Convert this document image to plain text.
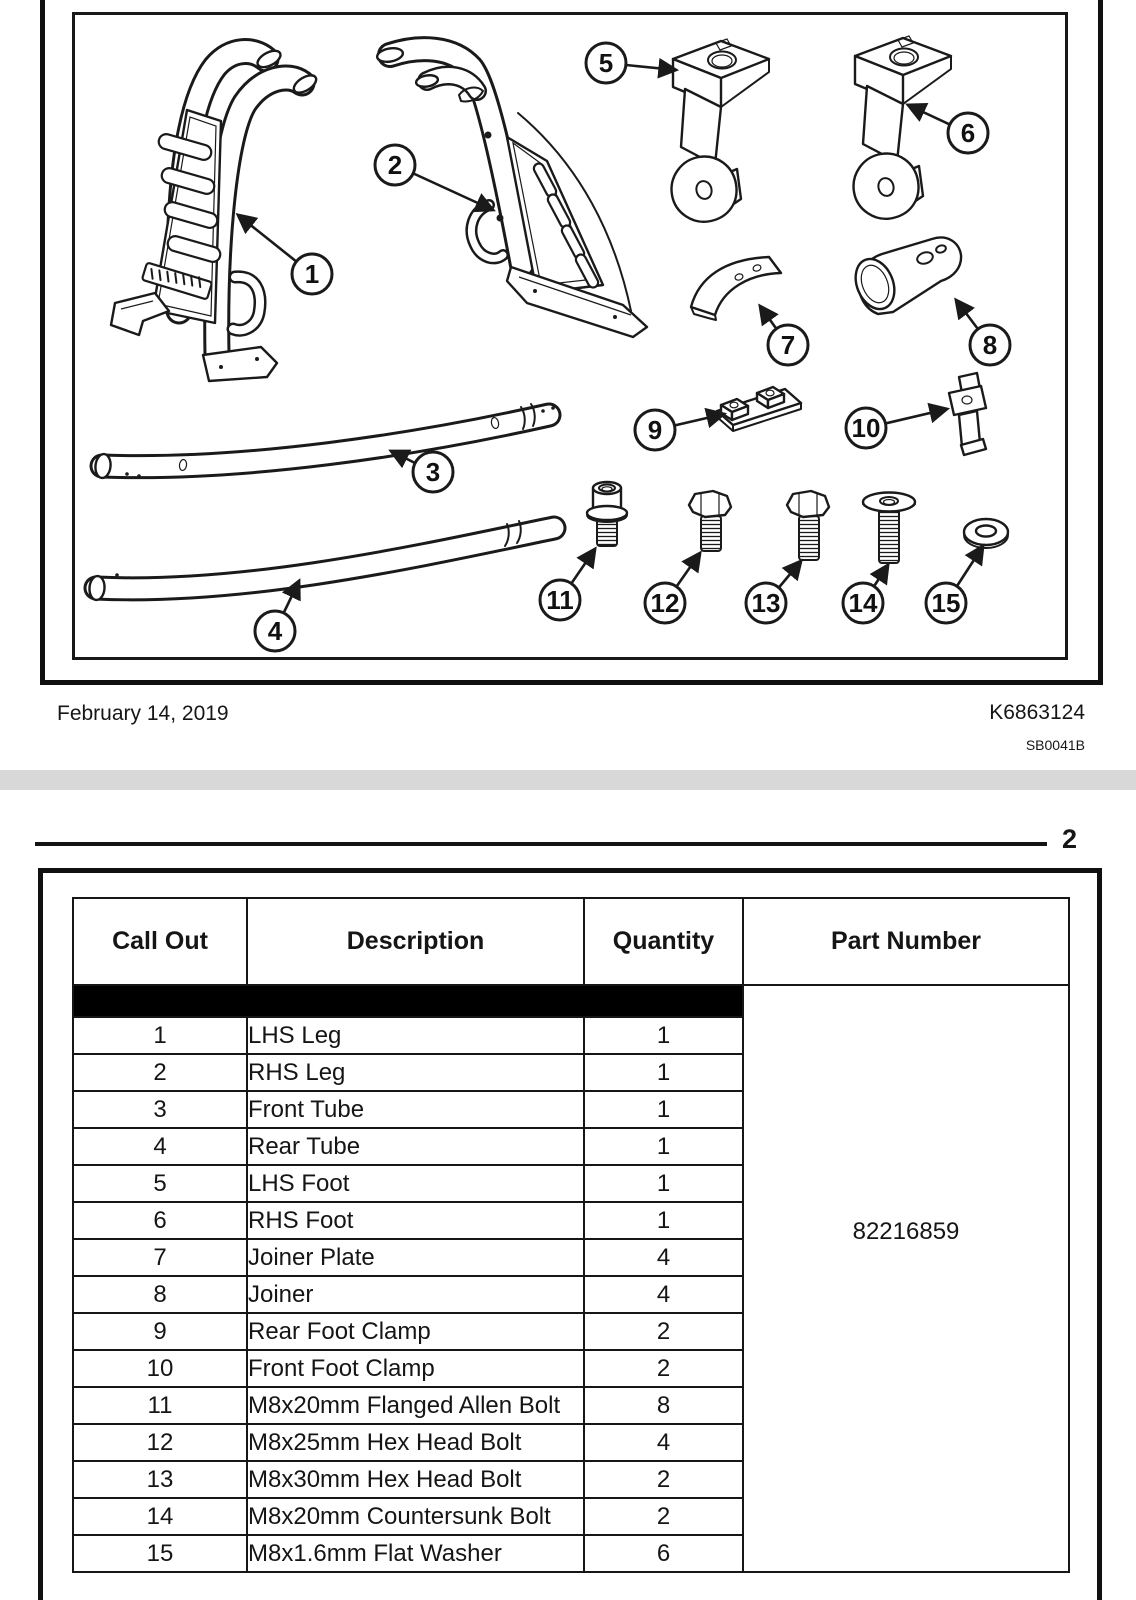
1
2
3
4
5
6
7	8
9	10
11	12	13	14 15
February 14, 2019	K6863124
SB0041B
2
Call Out	Description	Quantity	Part Number

			82216859

1	LHS Leg	1	
2	RHS Leg	1	
3	Front Tube	1	
4	Rear Tube	1	
5	LHS Foot	1	
6	RHS Foot	1	
7	Joiner Plate	4	
8	Joiner	4	
9	Rear Foot Clamp	2	
10	Front Foot Clamp	2	
11	M8x20mm Flanged Allen Bolt	8	
12	M8x25mm Hex Head Bolt	4	
13	M8x30mm Hex Head Bolt	2	
14	M8x20mm Countersunk Bolt	2	
15	M8x1.6mm Flat Washer	6	
